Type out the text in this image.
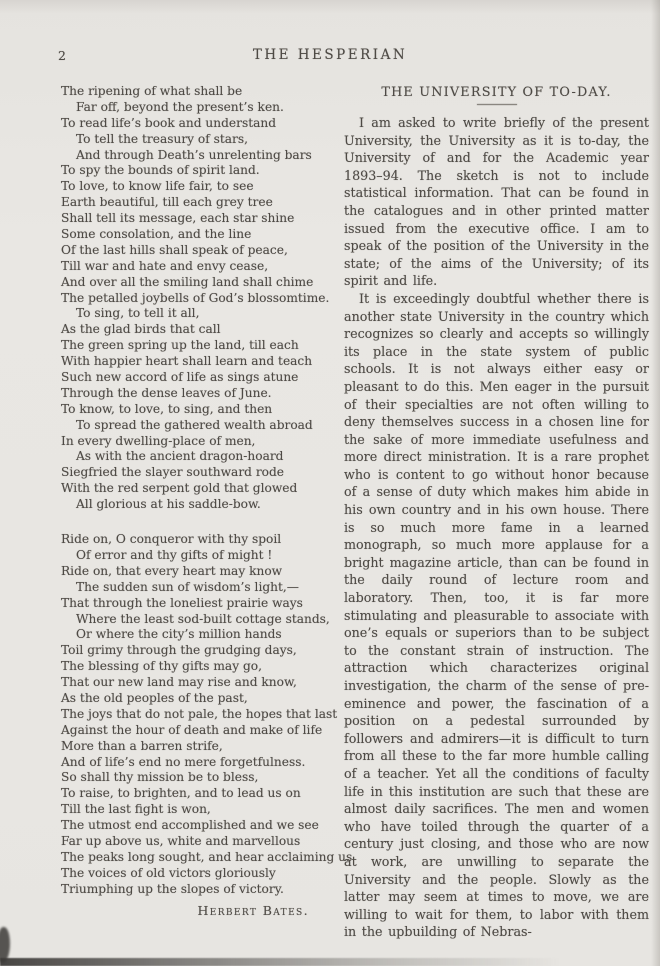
2	THE HESPERIAN
The ripening of what shall be
Far off, beyond the present’s ken.
To read life’s book and understand
To tell the treasury of stars,
And through Death’s unrelenting bars
To spy the bounds of spirit land.
To love, to know life fair, to see
Earth beautiful, till each grey tree
Shall tell its message, each star shine
Some consolation, and the line
Of the last hills shall speak of peace,
Till war and hate and envy cease,
And over all the smiling land shall chime
The petalled joybells of God’s blossomtime.
To sing, to tell it all,
As the glad birds that call
The green spring up the land, till each
With happier heart shall learn and teach
Such new accord of life as sings atune
Through the dense leaves of June.
To know, to love, to sing, and then
To spread the gathered wealth abroad
In every dwelling-place of men,
As with the ancient dragon-hoard
Siegfried the slayer southward rode
With the red serpent gold that glowed
All glorious at his saddle-bow.
Ride on, O conqueror with thy spoil
Of error and thy gifts of might !
Ride on, that every heart may know
The sudden sun of wisdom’s light,—
That through the loneliest prairie ways
Where the least sod-built cottage stands,
Or where the city’s million hands
Toil grimy through the grudging days,
The blessing of thy gifts may go,
That our new land may rise and know,
As the old peoples of the past,
The joys that do not pale, the hopes that last
Against the hour of death and make of life
More than a barren strife,
And of life’s end no mere forgetfulness.
So shall thy mission be to bless,
To raise, to brighten, and to lead us on
Till the last fight is won,
The utmost end accomplished and we see
Far up above us, white and marvellous
The peaks long sought, and hear acclaiming us
The voices of old victors gloriously
Triumphing up the slopes of victory.
Herbert Bates.
THE UNIVERSITY OF TO-DAY.

I am asked to write briefly of the present University, the University as it is to-day, the University of and for the Academic year 1893–94. The sketch is not to include statistical information. That can be found in the catalogues and in other printed matter issued from the executive office. I am to speak of the position of the University in the state; of the aims of the University; of its spirit and life.

It is exceedingly doubtful whether there is another state University in the country which recognizes so clearly and accepts so willingly its place in the state system of public schools. It is not always either easy or pleasant to do this. Men eager in the pursuit of their specialties are not often willing to deny themselves success in a chosen line for the sake of more immediate usefulness and more direct ministration. It is a rare prophet who is content to go without honor because of a sense of duty which makes him abide in his own country and in his own house. There is so much more fame in a learned monograph, so much more applause for a bright magazine article, than can be found in the daily round of lecture room and laboratory. Then, too, it is far more stimulating and pleasurable to associate with one’s equals or superiors than to be subject to the constant strain of instruction. The attraction which characterizes original investigation, the charm of the sense of pre-eminence and power, the fascination of a position on a pedestal surrounded by followers and admirers—it is difficult to turn from all these to the far more humble calling of a teacher. Yet all the conditions of faculty life in this institution are such that these are almost daily sacrifices. The men and women who have toiled through the quarter of a century just closing, and those who are now at work, are unwilling to separate the University and the people. Slowly as the latter may seem at times to move, we are willing to wait for them, to labor with them in the upbuilding of Nebras-
